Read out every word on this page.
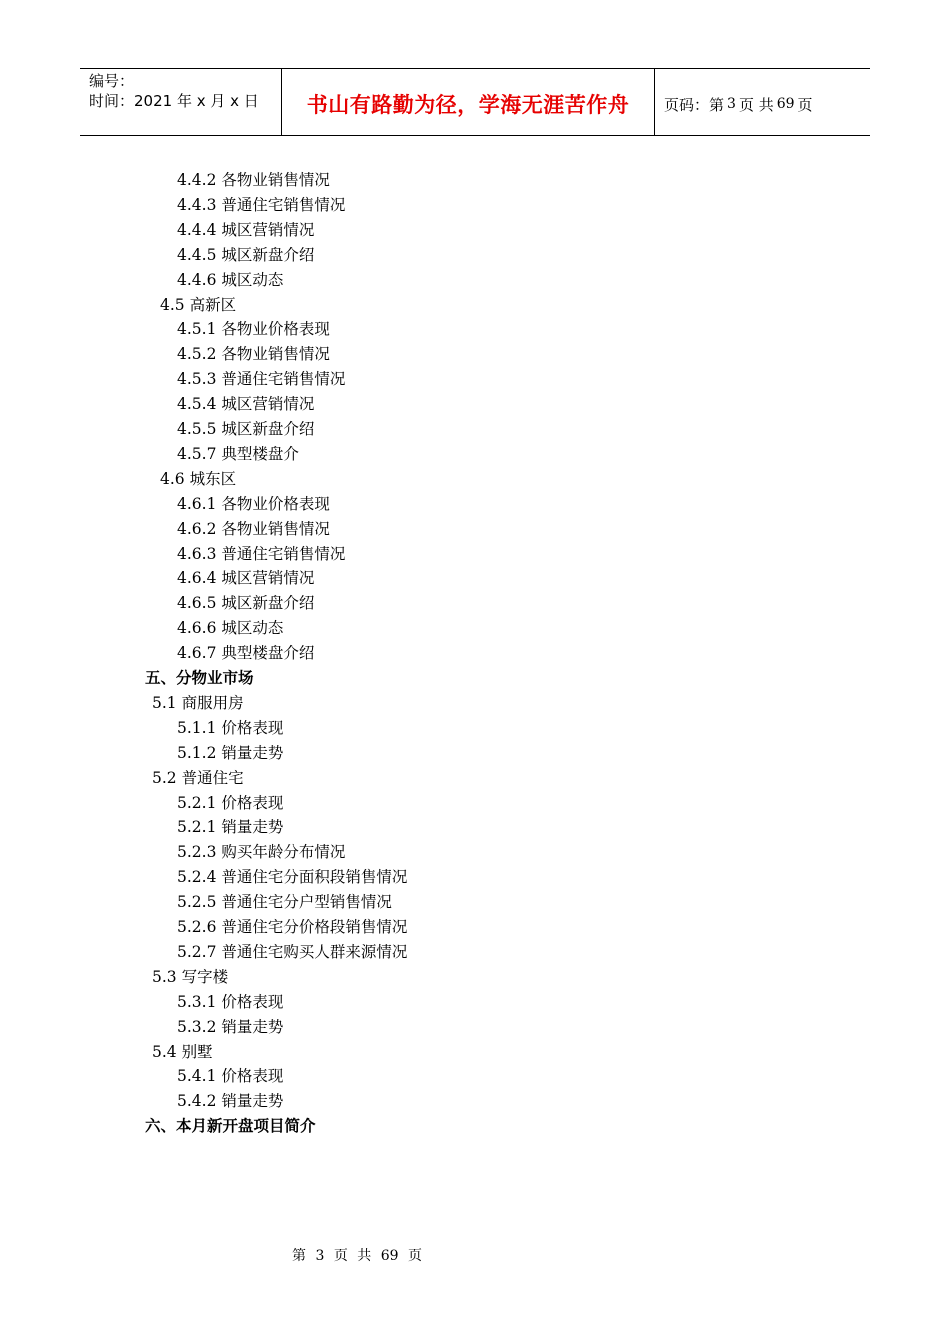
编号：
时间：2021 年 x 月 x 日	书山有路勤为径，学海无涯苦作舟 页码：第 3 页 共 69 页
4.4.2 各物业销售情况
4.4.3 普通住宅销售情况
4.4.4 城区营销情况
4.4.5 城区新盘介绍
4.4.6 城区动态
4.5 高新区
4.5.1 各物业价格表现
4.5.2 各物业销售情况
4.5.3 普通住宅销售情况
4.5.4 城区营销情况
4.5.5 城区新盘介绍
4.5.7 典型楼盘介
4.6 城东区
4.6.1 各物业价格表现
4.6.2 各物业销售情况
4.6.3 普通住宅销售情况
4.6.4 城区营销情况
4.6.5 城区新盘介绍
4.6.6 城区动态
4.6.7 典型楼盘介绍
五、分物业市场
5.1 商服用房
5.1.1 价格表现
5.1.2 销量走势
5.2 普通住宅
5.2.1 价格表现
5.2.1 销量走势
5.2.3 购买年龄分布情况
5.2.4 普通住宅分面积段销售情况
5.2.5 普通住宅分户型销售情况
5.2.6 普通住宅分价格段销售情况
5.2.7 普通住宅购买人群来源情况
5.3 写字楼
5.3.1 价格表现
5.3.2 销量走势
5.4 别墅
5.4.1 价格表现
5.4.2 销量走势
六、本月新开盘项目简介
第 3 页 共 69 页
